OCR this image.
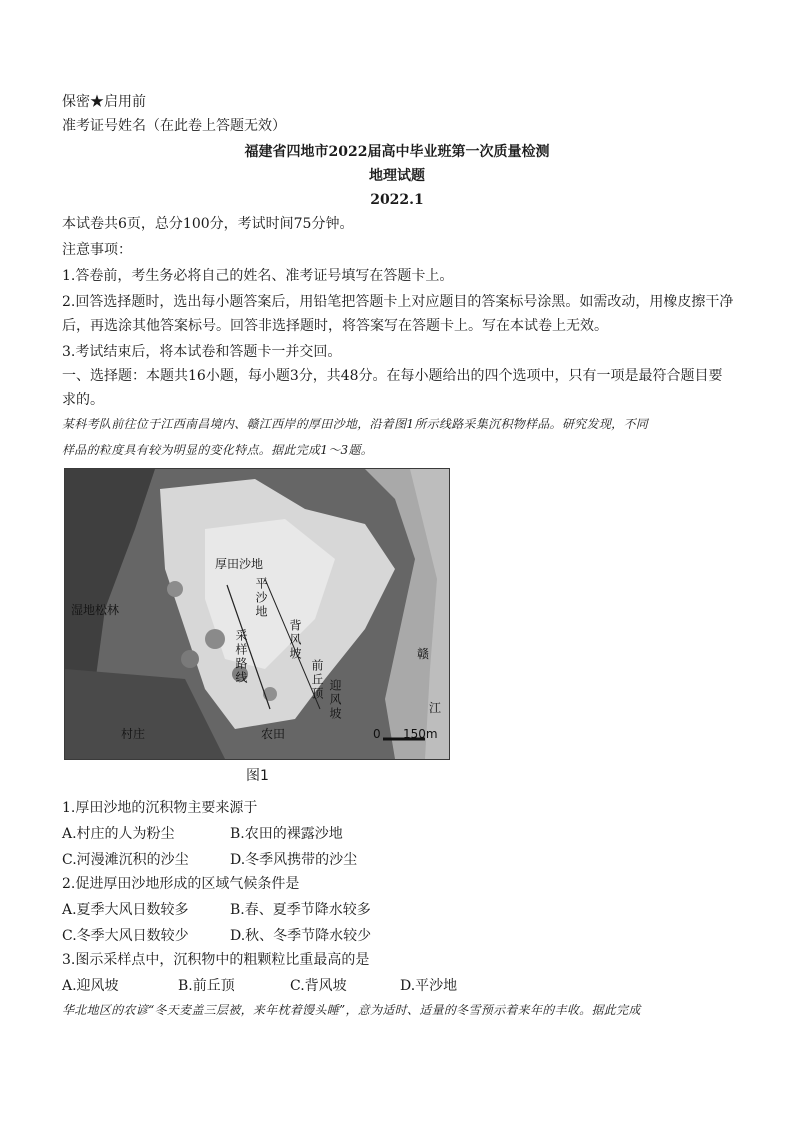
保密★启用前
准考证号姓名（在此卷上答题无效）
福建省四地市2022届高中毕业班第一次质量检测
地理试题
2022.1
本试卷共6页，总分100分，考试时间75分钟。
注意事项：
1.答卷前，考生务必将自己的姓名、准考证号填写在答题卡上。
2.回答选择题时，选出每小题答案后，用铅笔把答题卡上对应题目的答案标号涂黑。如需改动，用橡皮擦干净
后，再选涂其他答案标号。回答非选择题时，将答案写在答题卡上。写在本试卷上无效。
3.考试结束后，将本试卷和答题卡一并交回。
一、选择题：本题共16小题，每小题3分，共48分。在每小题给出的四个选项中，只有一项是最符合题目要
求的。
某科考队前往位于江西南昌境内、赣江西岸的厚田沙地，沿着图1所示线路采集沉积物样品。研究发现，不同
样品的粒度具有较为明显的变化特点。据此完成1～3题。
厚田沙地
湿地松林	平沙地
采样路线	背风坡
前丘顶 迎风坡
赣
江
村庄	农田	0 150m
图1
1.厚田沙地的沉积物主要来源于
A.村庄的人为粉尘	B.农田的裸露沙地
C.河漫滩沉积的沙尘	D.冬季风携带的沙尘
2.促进厚田沙地形成的区域气候条件是
A.夏季大风日数较多	B.春、夏季节降水较多
C.冬季大风日数较少	D.秋、冬季节降水较少
3.图示采样点中，沉积物中的粗颗粒比重最高的是
A.迎风坡	B.前丘顶	C.背风坡	D.平沙地
华北地区的农谚“冬天麦盖三层被，来年枕着馒头睡”，意为适时、适量的冬雪预示着来年的丰收。据此完成
